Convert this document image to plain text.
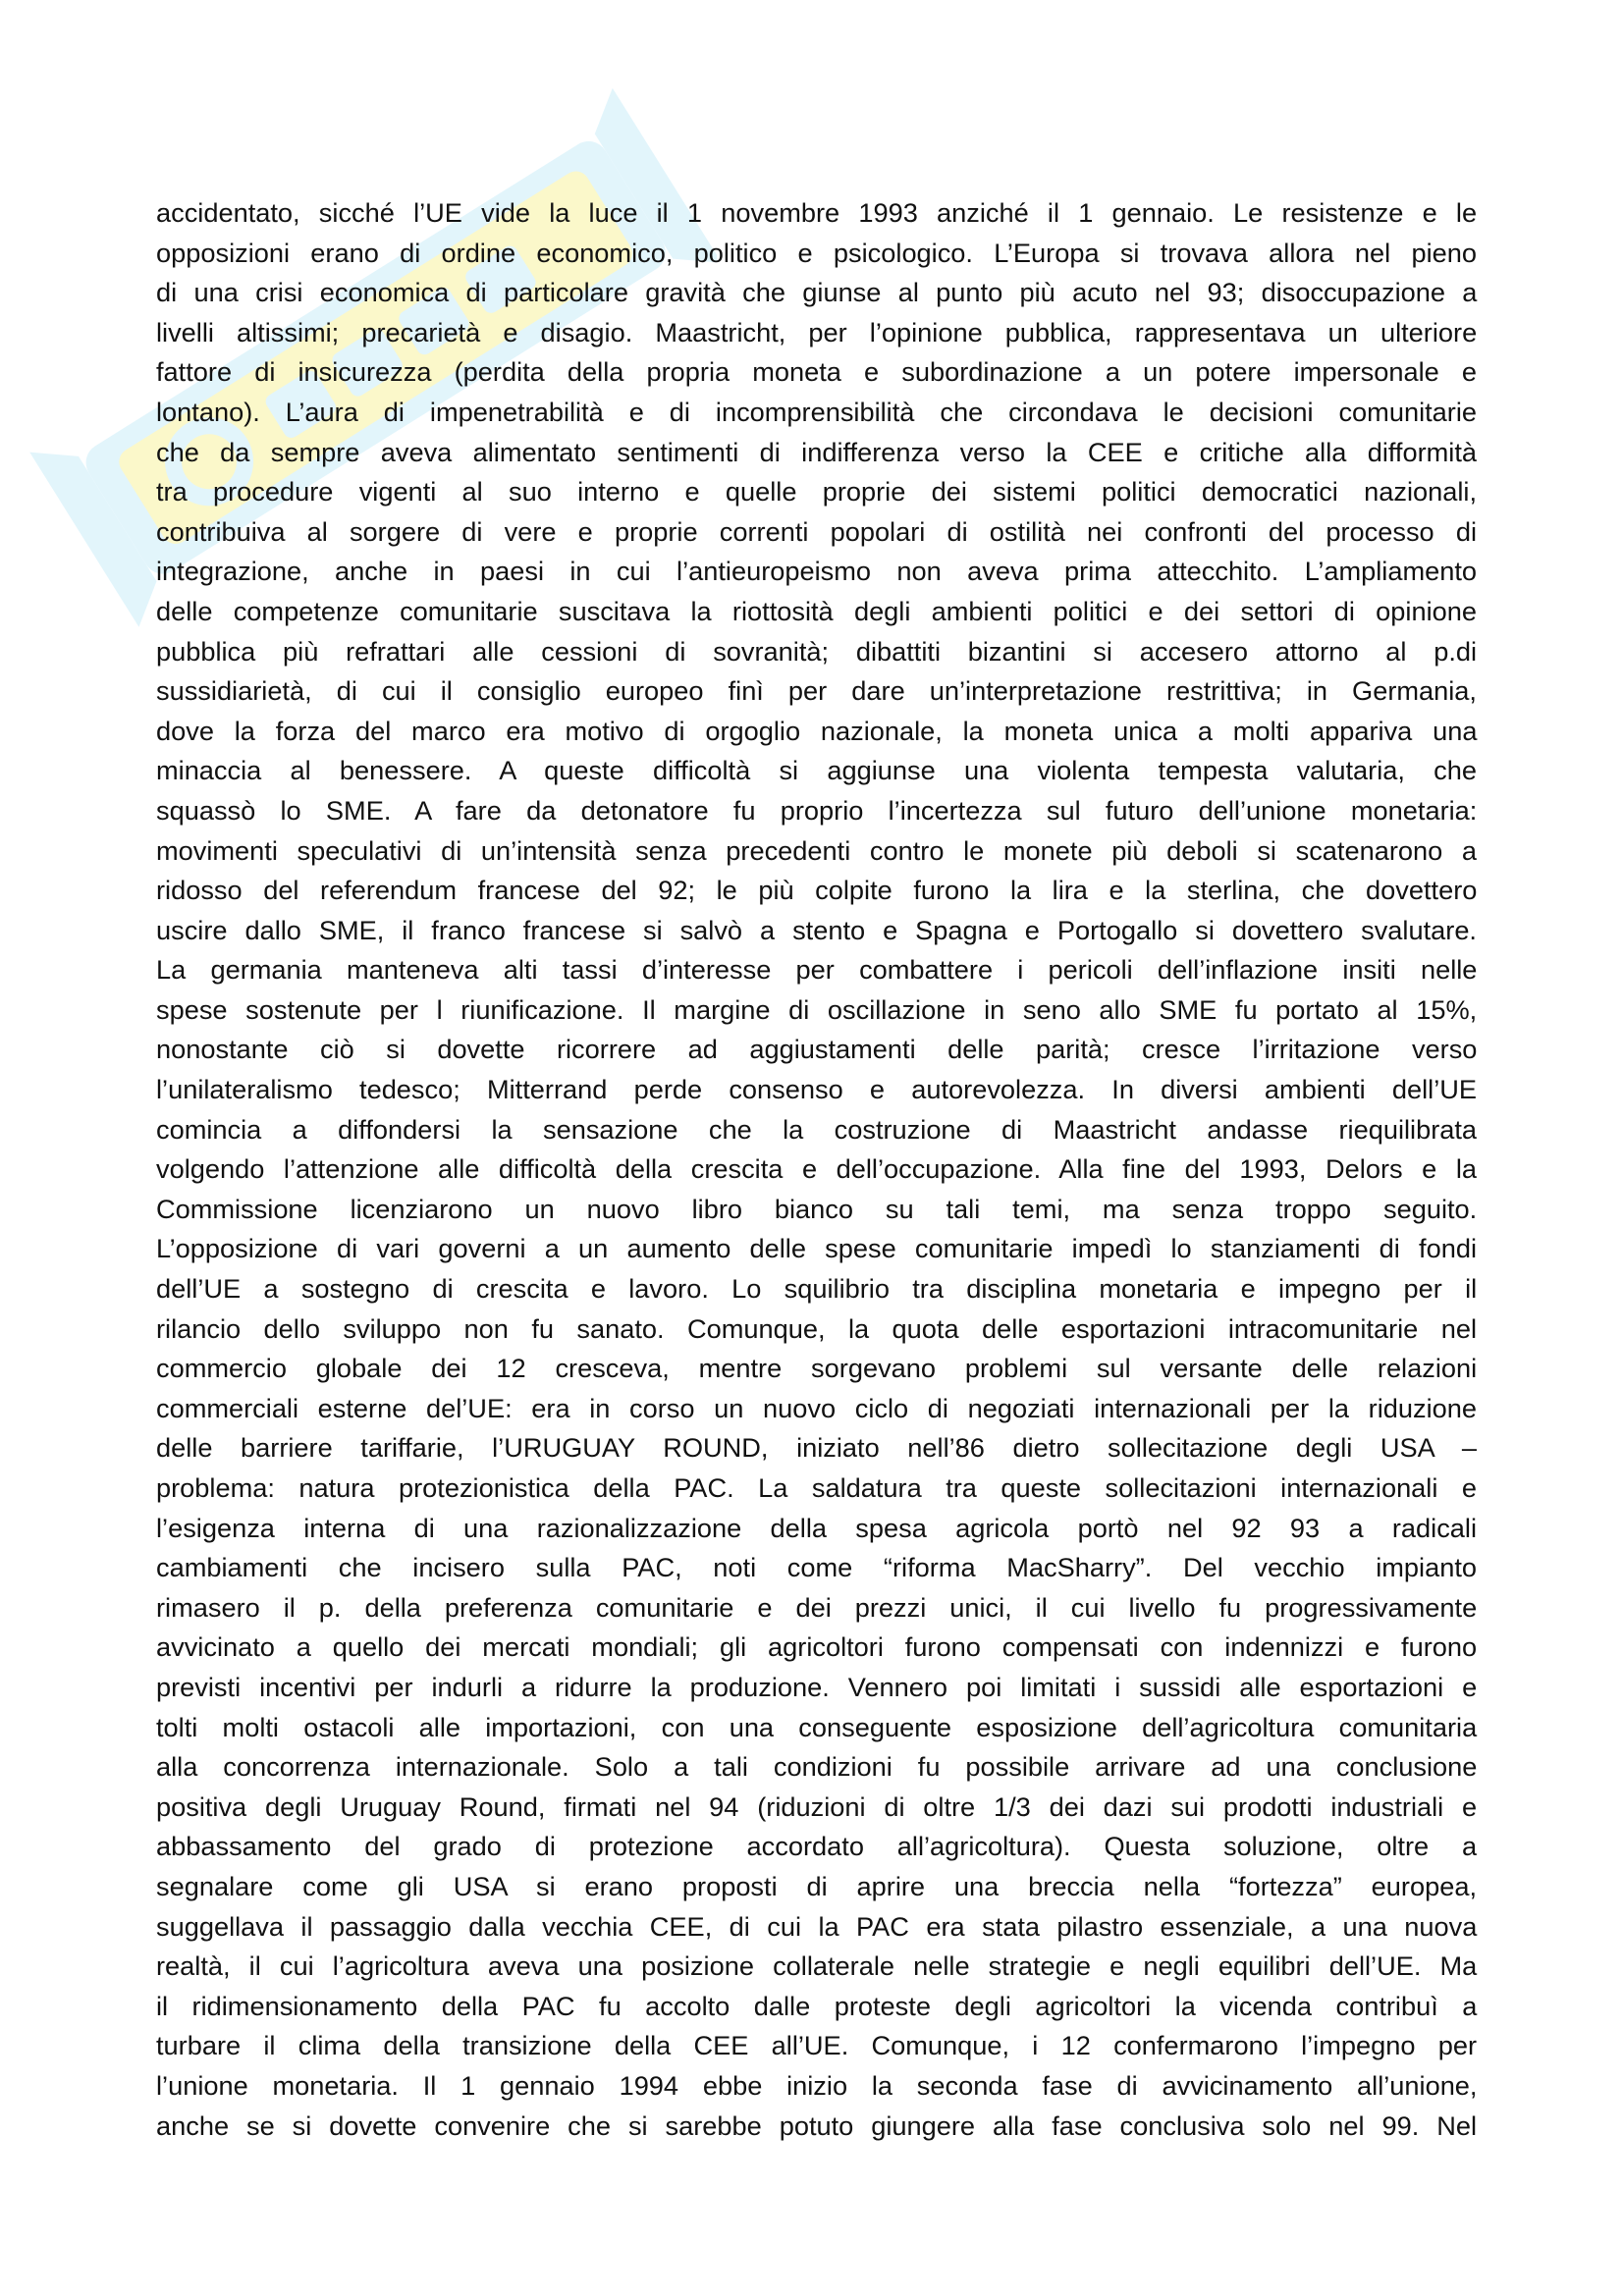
accidentato, sicché l’UE vide la luce il 1 novembre 1993 anziché il 1 gennaio. Le resistenze e le
opposizioni erano di ordine economico, politico e psicologico. L’Europa si trovava allora nel pieno
di una crisi economica di particolare gravità che giunse al punto più acuto nel 93; disoccupazione a
livelli altissimi; precarietà e disagio. Maastricht, per l’opinione pubblica, rappresentava un ulteriore
fattore di insicurezza (perdita della propria moneta e subordinazione a un potere impersonale e
lontano). L’aura di impenetrabilità e di incomprensibilità che circondava le decisioni comunitarie
che da sempre aveva alimentato sentimenti di indifferenza verso la CEE e critiche alla difformità
tra procedure vigenti al suo interno e quelle proprie dei sistemi politici democratici nazionali,
contribuiva al sorgere di vere e proprie correnti popolari di ostilità nei confronti del processo di
integrazione, anche in paesi in cui l’antieuropeismo non aveva prima attecchito. L’ampliamento
delle competenze comunitarie suscitava la riottosità degli ambienti politici e dei settori di opinione
pubblica più refrattari alle cessioni di sovranità; dibattiti bizantini si accesero attorno al p.di
sussidiarietà, di cui il consiglio europeo finì per dare un’interpretazione restrittiva; in Germania,
dove la forza del marco era motivo di orgoglio nazionale, la moneta unica a molti appariva una
minaccia al benessere. A queste difficoltà si aggiunse una violenta tempesta valutaria, che
squassò lo SME. A fare da detonatore fu proprio l’incertezza sul futuro dell’unione monetaria:
movimenti speculativi di un’intensità senza precedenti contro le monete più deboli si scatenarono a
ridosso del referendum francese del 92; le più colpite furono la lira e la sterlina, che dovettero
uscire dallo SME, il franco francese si salvò a stento e Spagna e Portogallo si dovettero svalutare.
La germania manteneva alti tassi d’interesse per combattere i pericoli dell’inflazione insiti nelle
spese sostenute per l riunificazione. Il margine di oscillazione in seno allo SME fu portato al 15%,
nonostante ciò si dovette ricorrere ad aggiustamenti delle parità; cresce l’irritazione verso
l’unilateralismo tedesco; Mitterrand perde consenso e autorevolezza. In diversi ambienti dell’UE
comincia a diffondersi la sensazione che la costruzione di Maastricht andasse riequilibrata
volgendo l’attenzione alle difficoltà della crescita e dell’occupazione. Alla fine del 1993, Delors e la
Commissione licenziarono un nuovo libro bianco su tali temi, ma senza troppo seguito.
L’opposizione di vari governi a un aumento delle spese comunitarie impedì lo stanziamenti di fondi
dell’UE a sostegno di crescita e lavoro. Lo squilibrio tra disciplina monetaria e impegno per il
rilancio dello sviluppo non fu sanato. Comunque, la quota delle esportazioni intracomunitarie nel
commercio globale dei 12 cresceva, mentre sorgevano problemi sul versante delle relazioni
commerciali esterne del’UE: era in corso un nuovo ciclo di negoziati internazionali per la riduzione
delle barriere tariffarie, l’URUGUAY ROUND, iniziato nell’86 dietro sollecitazione degli USA –
problema: natura protezionistica della PAC. La saldatura tra queste sollecitazioni internazionali e
l’esigenza interna di una razionalizzazione della spesa agricola portò nel 92 93 a radicali
cambiamenti che incisero sulla PAC, noti come “riforma MacSharry”. Del vecchio impianto
rimasero il p. della preferenza comunitarie e dei prezzi unici, il cui livello fu progressivamente
avvicinato a quello dei mercati mondiali; gli agricoltori furono compensati con indennizzi e furono
previsti incentivi per indurli a ridurre la produzione. Vennero poi limitati i sussidi alle esportazioni e
tolti molti ostacoli alle importazioni, con una conseguente esposizione dell’agricoltura comunitaria
alla concorrenza internazionale. Solo a tali condizioni fu possibile arrivare ad una conclusione
positiva degli Uruguay Round, firmati nel 94 (riduzioni di oltre 1/3 dei dazi sui prodotti industriali e
abbassamento del grado di protezione accordato all’agricoltura). Questa soluzione, oltre a
segnalare come gli USA si erano proposti di aprire una breccia nella “fortezza” europea,
suggellava il passaggio dalla vecchia CEE, di cui la PAC era stata pilastro essenziale, a una nuova
realtà, il cui l’agricoltura aveva una posizione collaterale nelle strategie e negli equilibri dell’UE. Ma
il ridimensionamento della PAC fu accolto dalle proteste degli agricoltori la vicenda contribuì a
turbare il clima della transizione della CEE all’UE. Comunque, i 12 confermarono l’impegno per
l’unione monetaria. Il 1 gennaio 1994 ebbe inizio la seconda fase di avvicinamento all’unione,
anche se si dovette convenire che si sarebbe potuto giungere alla fase conclusiva solo nel 99. Nel
